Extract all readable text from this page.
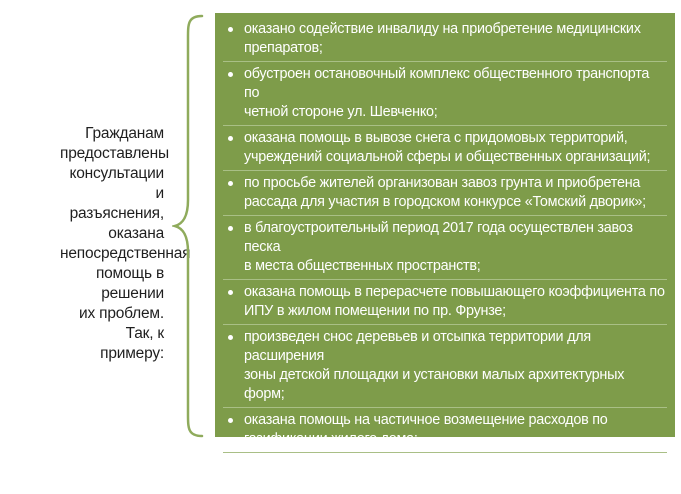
Гражданам
предоставлены
консультации и
разъяснения,
оказана
непосредственная
помощь в решении
их проблем. Так, к
примеру:
оказано содействие инвалиду на приобретение медицинских
препаратов;
обустроен остановочный комплекс общественного транспорта по
четной стороне ул. Шевченко;
оказана помощь в вывозе снега с придомовых территорий,
учреждений социальной сферы и общественных организаций;
по просьбе жителей организован завоз грунта и приобретена
рассада для участия в городском конкурсе «Томский дворик»;
в благоустроительный период 2017 года осуществлен завоз песка
в места общественных пространств;
оказана помощь в перерасчете повышающего коэффициента по
ИПУ в жилом помещении по пр. Фрунзе;
произведен снос деревьев и отсыпка территории для расширения
зоны детской площадки и установки малых архитектурных форм;
оказана помощь на частичное возмещение расходов по
газификации жилого дома;
оказана материальная помощь на издание сборника стихов и
компакт-диска томской поэтессы.
